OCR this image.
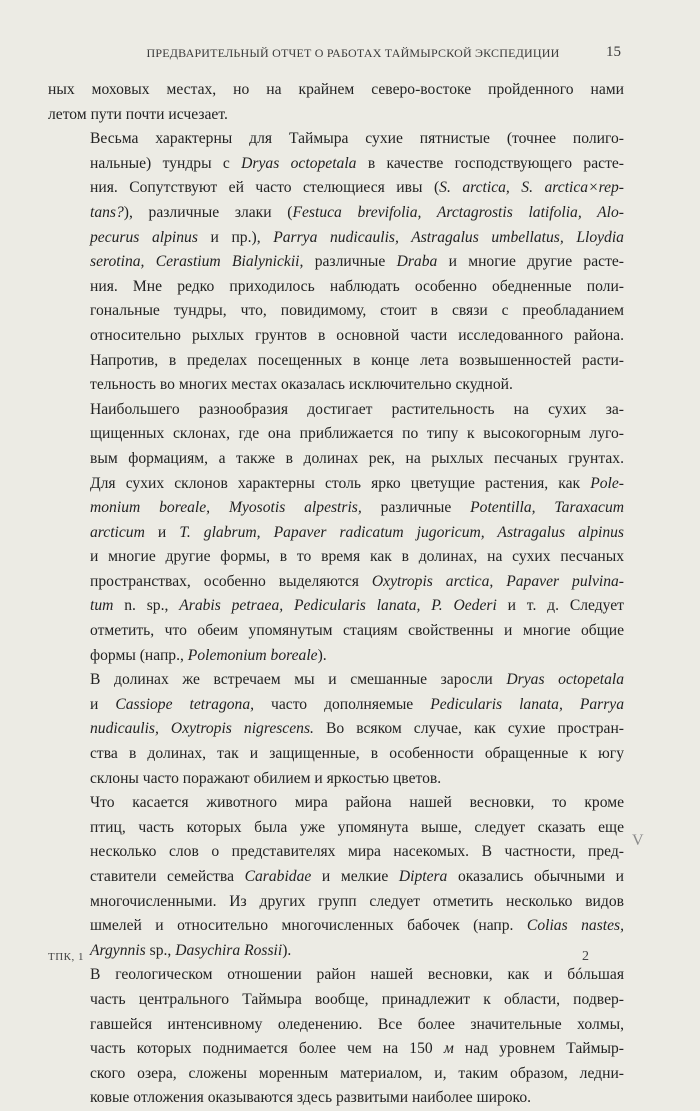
ПРЕДВАРИТЕЛЬНЫЙ ОТЧЕТ О РАБОТАХ ТАЙМЫРСКОЙ ЭКСПЕДИЦИИ	15

ных моховых местах, но на крайнем северо-востоке пройденного нами
летом пути почти исчезает.

Весьма характерны для Таймыра сухие пятнистые (точнее полиго-
нальные) тундры с Dryas octopetala в качестве господствующего расте-
ния. Сопутствуют ей часто стелющиеся ивы (S. arctica, S. arctica×rep-
tans?), различные злаки (Festuca brevifolia, Arctagrostis latifolia, Alo-
pecurus alpinus и пр.), Parrya nudicaulis, Astragalus umbellatus, Lloydia
serotina, Cerastium Bialynickii, различные Draba и многие другие расте-
ния. Мне редко приходилось наблюдать особенно обедненные поли-
гональные тундры, что, повидимому, стоит в связи с преобладанием
относительно рыхлых грунтов в основной части исследованного района.
Напротив, в пределах посещенных в конце лета возвышенностей расти-
тельность во многих местах оказалась исключительно скудной.

Наибольшего разнообразия достигает растительность на сухих за-
щищенных склонах, где она приближается по типу к высокогорным луго-
вым формациям, а также в долинах рек, на рыхлых песчаных грунтах.
Для сухих склонов характерны столь ярко цветущие растения, как Pole-
monium boreale, Myosotis alpestris, различные Potentilla, Taraxacum
arcticum и T. glabrum, Papaver radicatum jugoricum, Astragalus alpinus
и многие другие формы, в то время как в долинах, на сухих песчаных
пространствах, особенно выделяются Oxytropis arctica, Papaver pulvina-
tum n. sp., Arabis petraea, Pedicularis lanata, P. Oederi и т. д. Следует
отметить, что обеим упомянутым стациям свойственны и многие общие
формы (напр., Polemonium boreale).

В долинах же встречаем мы и смешанные заросли Dryas octopetala
и Cassiope tetragona, часто дополняемые Pedicularis lanata, Parrya
nudicaulis, Oxytropis nigrescens. Во всяком случае, как сухие простран-
ства в долинах, так и защищенные, в особенности обращенные к югу
склоны часто поражают обилием и яркостью цветов.

Что касается животного мира района нашей весновки, то кроме
птиц, часть которых была уже упомянута выше, следует сказать еще
несколько слов о представителях мира насекомых. В частности, пред-
ставители семейства Carabidae и мелкие Diptera оказались обычными и
многочисленными. Из других групп следует отметить несколько видов
шмелей и относительно многочисленных бабочек (напр. Colias nastes,
Argynnis sp., Dasychira Rossii).

В геологическом отношении район нашей весновки, как и бóльшая
часть центрального Таймыра вообще, принадлежит к области, подвер-
гавшейся интенсивному оледенению. Все более значительные холмы,
часть которых поднимается более чем на 150 м над уровнем Таймыр-
ского озера, сложены моренным материалом, и, таким образом, ледни-
ковые отложения оказываются здесь развитыми наиболее широко.

V
ТПК, 1	2
